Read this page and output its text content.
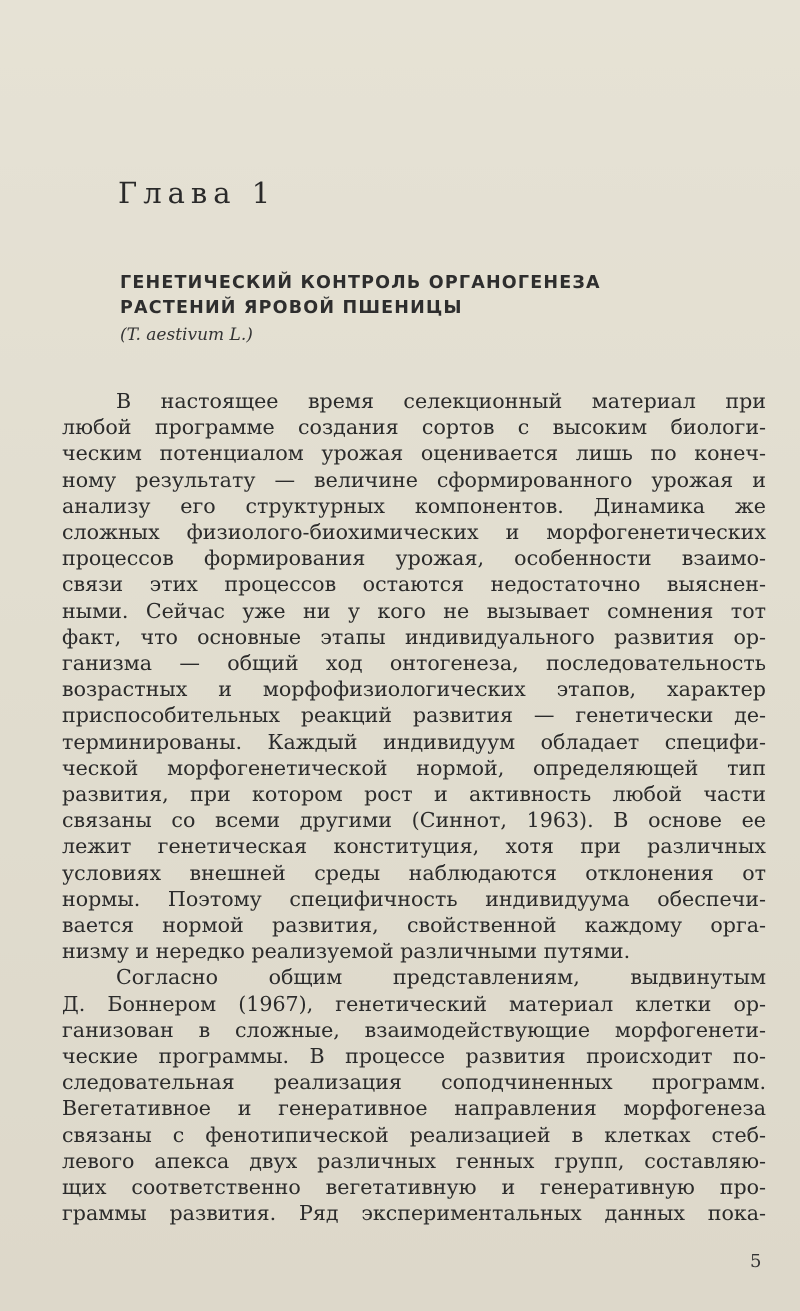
Глава 1
ГЕНЕТИЧЕСКИЙ КОНТРОЛЬ ОРГАНОГЕНЕЗА
РАСТЕНИЙ ЯРОВОЙ ПШЕНИЦЫ
(T. aestivum L.)
В настоящее время селекционный материал при
любой программе создания сортов с высоким биологи-
ческим потенциалом урожая оценивается лишь по конеч-
ному результату — величине сформированного урожая и
анализу его структурных компонентов. Динамика же
сложных физиолого-биохимических и морфогенетических
процессов формирования урожая, особенности взаимо-
связи этих процессов остаются недостаточно выяснен-
ными. Сейчас уже ни у кого не вызывает сомнения тот
факт, что основные этапы индивидуального развития ор-
ганизма — общий ход онтогенеза, последовательность
возрастных и морфофизиологических этапов, характер
приспособительных реакций развития — генетически де-
терминированы. Каждый индивидуум обладает специфи-
ческой морфогенетической нормой, определяющей тип
развития, при котором рост и активность любой части
связаны со всеми другими (Синнот, 1963). В основе ее
лежит генетическая конституция, хотя при различных
условиях внешней среды наблюдаются отклонения от
нормы. Поэтому специфичность индивидуума обеспечи-
вается нормой развития, свойственной каждому орга-
низму и нередко реализуемой различными путями.
Согласно общим представлениям, выдвинутым
Д. Боннером (1967), генетический материал клетки ор-
ганизован в сложные, взаимодействующие морфогенети-
ческие программы. В процессе развития происходит по-
следовательная реализация соподчиненных программ.
Вегетативное и генеративное направления морфогенеза
связаны с фенотипической реализацией в клетках стеб-
левого апекса двух различных генных групп, составляю-
щих соответственно вегетативную и генеративную про-
граммы развития. Ряд экспериментальных данных пока-
5
